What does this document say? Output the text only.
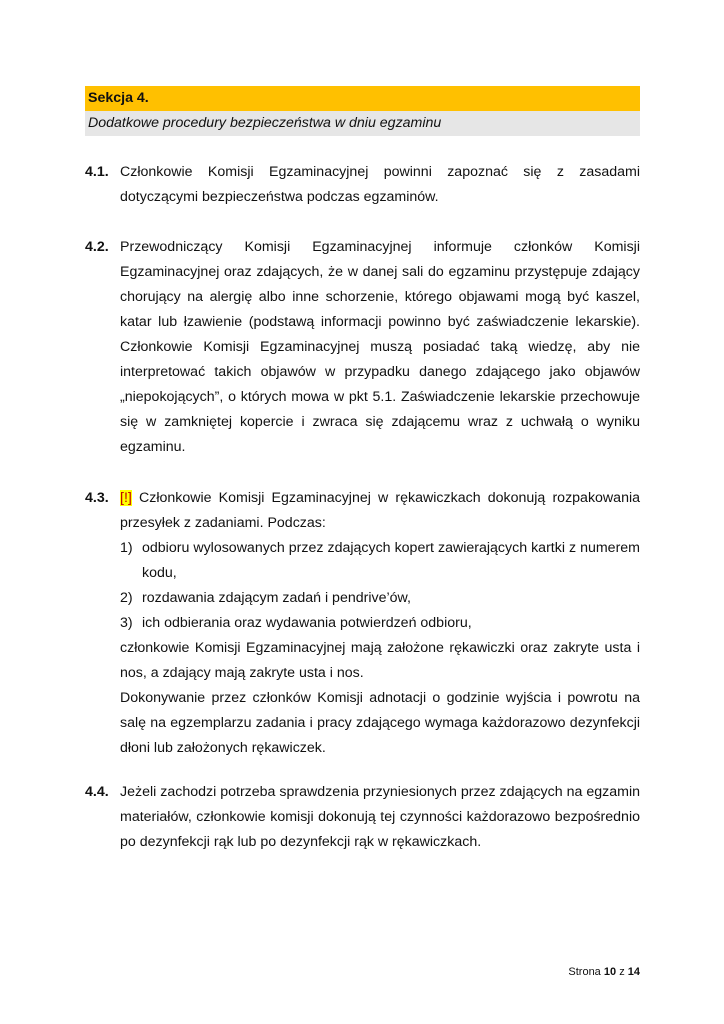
Sekcja 4.
Dodatkowe procedury bezpieczeństwa w dniu egzaminu
4.1. Członkowie Komisji Egzaminacyjnej powinni zapoznać się z zasadami dotyczącymi bezpieczeństwa podczas egzaminów.

4.2. Przewodniczący Komisji Egzaminacyjnej informuje członków Komisji Egzaminacyjnej oraz zdających, że w danej sali do egzaminu przystępuje zdający chorujący na alergię albo inne schorzenie, którego objawami mogą być kaszel, katar lub łzawienie (podstawą informacji powinno być zaświadczenie lekarskie). Członkowie Komisji Egzaminacyjnej muszą posiadać taką wiedzę, aby nie interpretować takich objawów w przypadku danego zdającego jako objawów „niepokojących”, o których mowa w pkt 5.1. Zaświadczenie lekarskie przechowuje się w zamkniętej kopercie i zwraca się zdającemu wraz z uchwałą o wyniku egzaminu.

4.3. [!] Członkowie Komisji Egzaminacyjnej w rękawiczkach dokonują rozpakowania przesyłek z zadaniami. Podczas:

1) odbioru wylosowanych przez zdających kopert zawierających kartki z numerem kodu,
2) rozdawania zdającym zadań i pendrive’ów,
3) ich odbierania oraz wydawania potwierdzeń odbioru,

członkowie Komisji Egzaminacyjnej mają założone rękawiczki oraz zakryte usta i nos, a zdający mają zakryte usta i nos.

Dokonywanie przez członków Komisji adnotacji o godzinie wyjścia i powrotu na salę na egzemplarzu zadania i pracy zdającego wymaga każdorazowo dezynfekcji dłoni lub założonych rękawiczek.

4.4. Jeżeli zachodzi potrzeba sprawdzenia przyniesionych przez zdających na egzamin materiałów, członkowie komisji dokonują tej czynności każdorazowo bezpośrednio po dezynfekcji rąk lub po dezynfekcji rąk w rękawiczkach.

Strona 10 z 14
